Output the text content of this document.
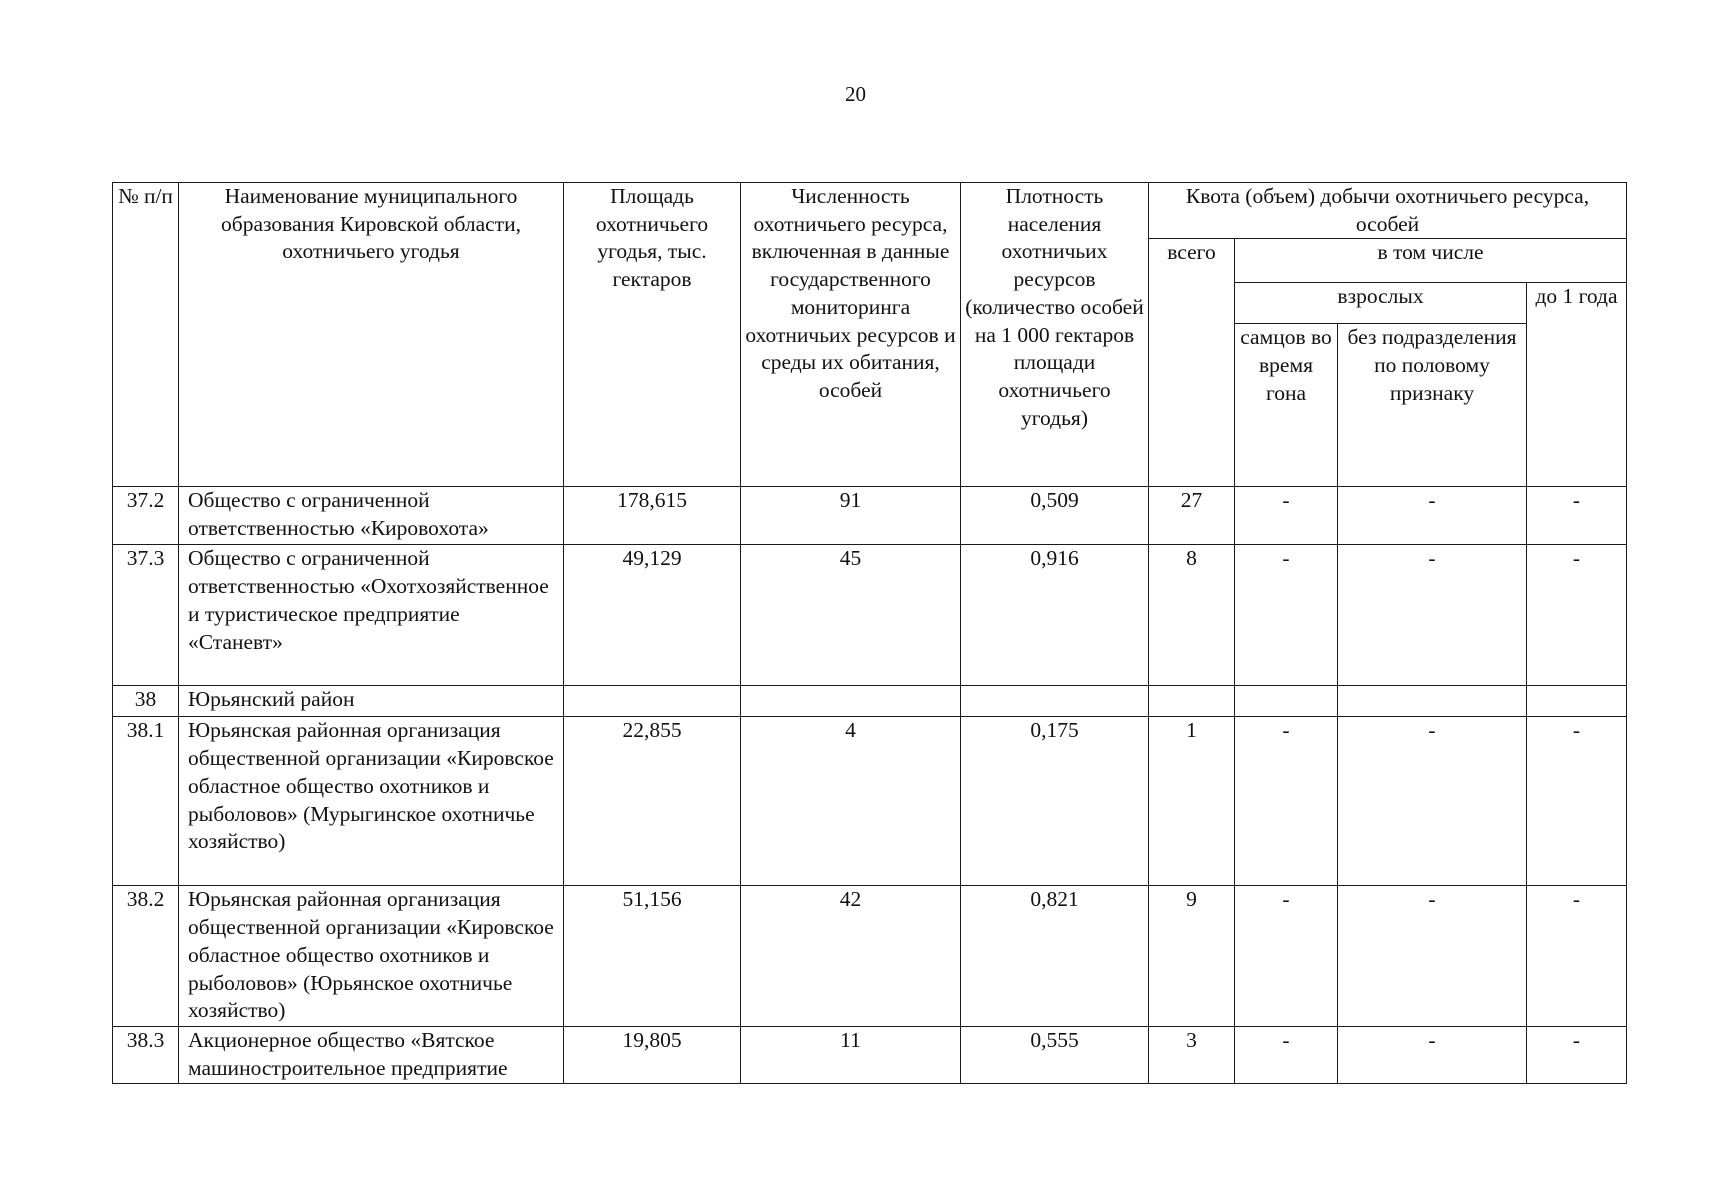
20
№ п/п	Наименование муниципального образования Кировской области, охотничьего угодья	Площадь охотничьего угодья, тыс. гектаров	Численность охотничьего ресурса, включенная в данные государственного мониторинга охотничьих ресурсов и среды их обитания, особей	Плотность населения охотничьих ресурсов (количество особей на 1 000 гектаров площади охотничьего угодья)	Квота (объем) добычи охотничьего ресурса, особей			
					всего	в том числе		
						взрослых		до 1 года
						самцов во время гона	без подразделения по половому признаку	
37.2	Общество с ограниченной ответственностью «Кировохота»	178,615	91	0,509	27	-	-	-
37.3	Общество с ограниченной ответственностью «Охотхозяйственное и туристическое предприятие «Станевт»	49,129	45	0,916	8	-	-	-
38	Юрьянский район							
38.1	Юрьянская районная организация общественной организации «Кировское областное общество охотников и рыболовов» (Мурыгинское охотничье хозяйство)	22,855	4	0,175	1	-	-	-
38.2	Юрьянская районная организация общественной организации «Кировское областное общество охотников и рыболовов» (Юрьянское охотничье хозяйство)	51,156	42	0,821	9	-	-	-
38.3	Акционерное общество «Вятское машиностроительное предприятие	19,805	11	0,555	3	-	-	-
